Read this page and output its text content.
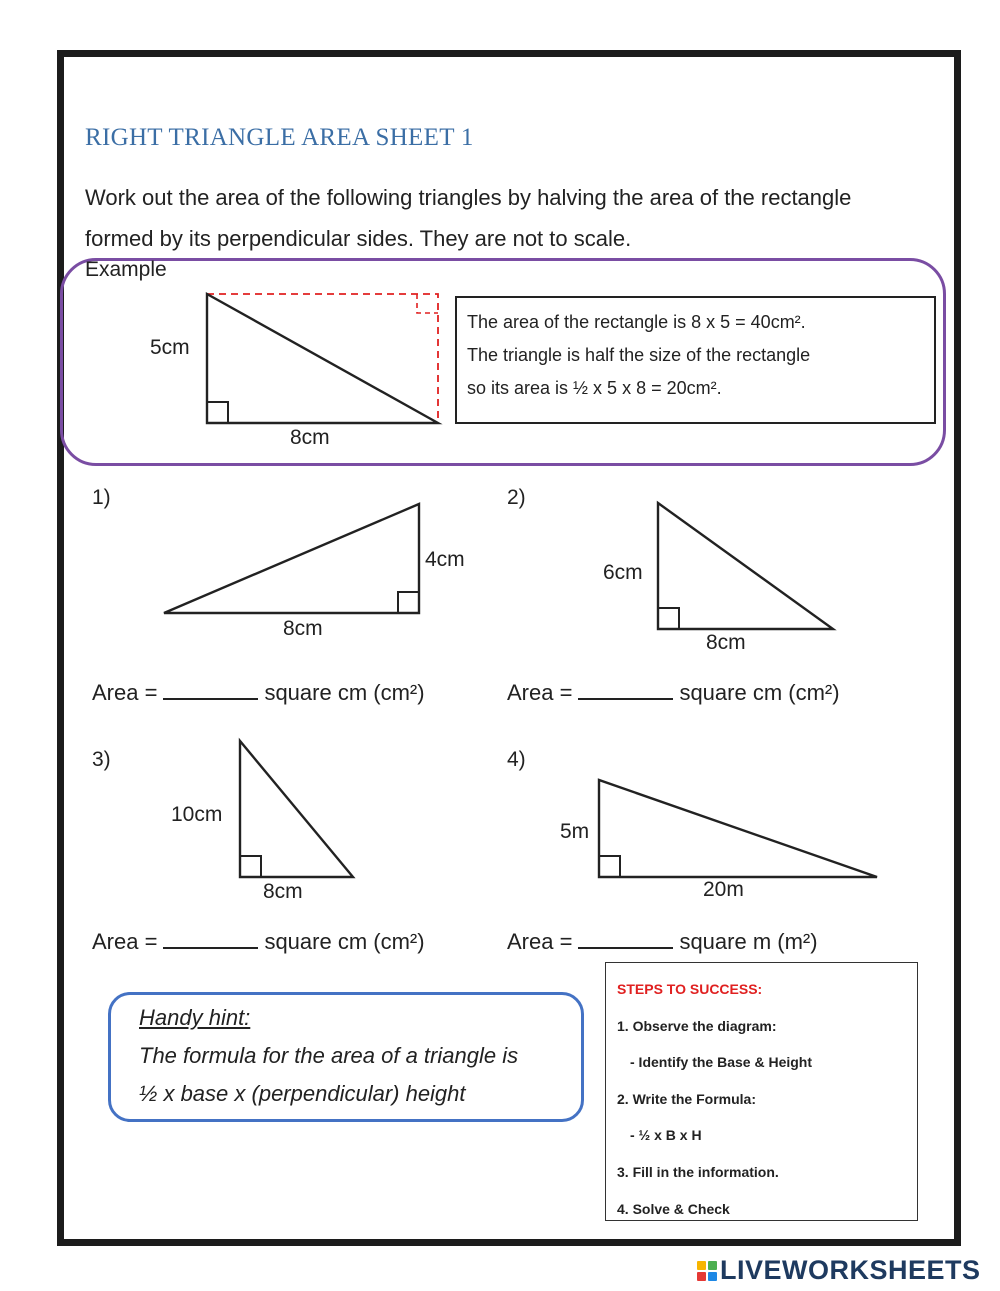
RIGHT TRIANGLE AREA SHEET 1
Work out the area of the following triangles by halving the area of the rectangle formed by its perpendicular sides. They are not to scale.
Example
5cm
8cm
The area of the rectangle is 8 x 5 = 40cm².
The triangle is half the size of the rectangle
so its area is ½ x 5 x 8 = 20cm².
1)
4cm
8cm
Area =	square cm (cm²)
2)
6cm
8cm
Area =	square cm (cm²)
3)
10cm
8cm
Area =	square cm (cm²)
4)
5m
20m
Area =	square m (m²)
Handy hint:
The formula for the area of a triangle is
½ x base x (perpendicular) height
STEPS TO SUCCESS:
1. Observe the diagram:
- Identify the Base & Height
2. Write the Formula:
- ½ x B x H
3. Fill in the information.
4. Solve & Check
LIVEWORKSHEETS
